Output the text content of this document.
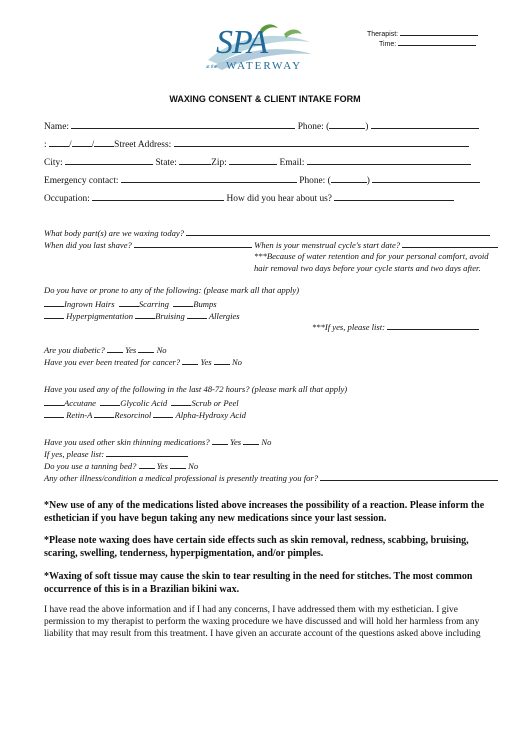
SPA
at the WATERWAY
Therapist:
Time:
WAXING CONSENT & CLIENT INTAKE FORM
Name:	Phone: (	)
: / / Street Address:
City:	State:	Zip:	Email:
Emergency contact:	Phone: (	)
Occupation:	How did you hear about us?
What body part(s) are we waxing today?
When did you last shave?	When is your menstrual cycle's start date?
***Because of water retention and for your personal comfort, avoid
hair removal two days before your cycle starts and two days after.
Do you have or prone to any of the following: (please mark all that apply)
Ingrown Hairs	Scarring	Bumps
Hyperpigmentation	Bruising	Allergies
***If yes, please list:
Are you diabetic? Yes No
Have you ever been treated for cancer? Yes No
Have you used any of the following in the last 48-72 hours? (please mark all that apply)
Accutane	Glycolic Acid	Scrub or Peel
Retin-A	Resorcinol	Alpha-Hydroxy Acid
Have you used other skin thinning medications? Yes No
If yes, please list:
Do you use a tanning bed? Yes No
Any other illness/condition a medical professional is presently treating you for?
*New use of any of the medications listed above increases the possibility of a reaction. Please inform the esthetician if you have begun taking any new medications since your last session.
*Please note waxing does have certain side effects such as skin removal, redness, scabbing, bruising, scaring, swelling, tenderness, hyperpigmentation, and/or pimples.
*Waxing of soft tissue may cause the skin to tear resulting in the need for stitches. The most common occurrence of this is in a Brazilian bikini wax.
I have read the above information and if I had any concerns, I have addressed them with my esthetician. I give permission to my therapist to perform the waxing procedure we have discussed and will hold her harmless from any liability that may result from this treatment. I have given an accurate account of the questions asked above including
